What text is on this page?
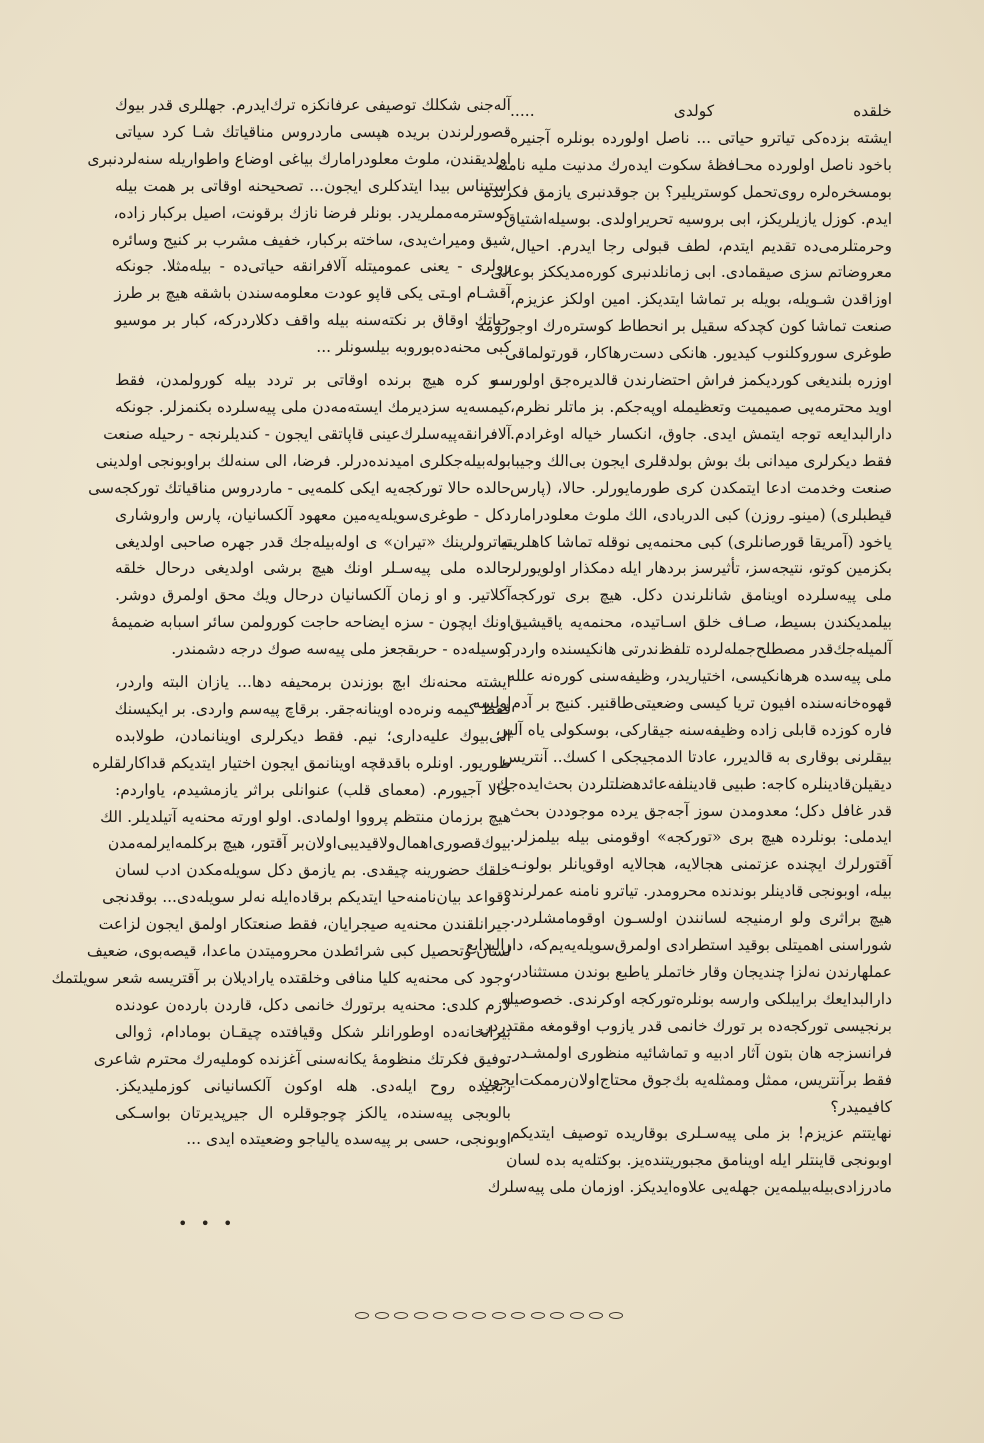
آله‌جنی شکلك توصیفی عرفانکزه ترك‌ایدرم. جهللری قدر بیوك
قصورلرندن بریده هپسی ماردروس مناقیاتك شـا کرد سیاتی
اولدیقندن، ملوث معلودرامارك بیاغی اوضاع واطواریله سنه‌لردنبری
استیناس بیدا ایتدکلری ایجون... تصحیحنه اوقاتی بر همت بیله
کوسترمه‌مملریدر. بونلر فرضا نازك برقونت، اصیل برکبار زاده،
شیق ومیراث‌یدی، ساخته برکبار، خفیف مشرب بر کنیج وسائره
رولری - یعنی عموميتله آلافرانقه حیاتی‌ده - بیله‌مثلا. جونکه
آقشـام اوـتی یکی قاپو عودت معلومه‌سندن باشقه هیچ بر طرز
حیاتك اوقاق بر نکته‌سنه بیله واقف دکلاردرکه، کبار بر موسیو
کبی محنه‌ده‌بوروبه بیلسونلر ...
ـــو کره هیچ برنده اوقاتی بر تردد بیله کورولمدن، فقط
کیمسه‌یه سزدیرمك ایسته‌مه‌دن ملی پیه‌سلرده بکنمزلر. جونکه
آلافرانقه‌پیه‌سلرك‌عینی قاپاتقی ایجون - کنديلرنجه - رحیله صنعت
بوله‌بیله‌جکلری امیدنده‌درلر. فرضا، الی سنه‌لك براوبونجی اولدینی
حالده حالا تورکجه‌یه ایکی کلمه‌یی - ماردروس مناقیاتك تورکجه‌سی
دکل - طوغری‌سویله‌یه‌مین معهود آلکسانیان، پارس واروشاری
تیاترولرینك «تیران» ی اوله‌بیله‌جك قدر جهره صاحبی اولدیغی
حالده ملی پیه‌سـلر اونك هیچ برشی اولدیغی درحال خلقه
آکلاتیر. و او زمان آلکسانیان درحال ویك محق اولمرق دوشر.
اونك ایچون - سزه ایضاحه حاجت کورولمن سائر اسبابه ضمیمهٔ
بوسیله‌ده - حربقجعز ملی پیه‌سه صوك درجه دشمندر.
ایشته محنه‌نك ابچ بوزندن برمحیفه دها... یازان البته واردر،
فقط کیمه ونره‌ده اوینانه‌جقر. برقاچ پیه‌سم واردی. بر ایکیسنك
الی‌بیوك علیه‌داری؛ نیم. فقط دیکرلری اوینانمادن، طولابده
طوریور. اونلره باقدقچه اوینانمق ایجون اختیار ایتدیکم قداکارلقلره
حالا آجیورم. (معمای قلب) عنوانلی براثر یازمشیدم، یاوارد‌م:
هیچ برزمان منتظم پرووا اولمادی. اولو اورته محنه‌یه آتیلدیلر. الك
بیوك‌قصوری‌اهمال‌ولاقیدیبی‌اولان‌بر آقتور، هیچ برکلمه‌ایرلمه‌مدن
خلقك حضورینه چیقدی. بم یازمق دکل سویله‌مکدن ادب لسان
وقواعد بیان‌نامنه‌حیا ایتدیکم برقاده‌ایله نه‌لر سویله‌دی... بوقدنجی
جیرانلقندن محنه‌یه صیجرایان، فقط صنعتکار اولمق ایجون لزاعت
لسان وتحصیل کبی شرائطدن محروميتدن ماعدا، قیصه‌بوی، ضعیف
وجود کی محنه‌یه کلیا منافی وخلقتده یارادیلان بر آقتریسه شعر سویلتمك
لازم کلدی: محنه‌یه برتورك خانمی دکل، قاردن بارده‌ن عودنده
بیرانخانه‌ده اوطورانلر شکل وقیافتده چیقـان بومادام، ژوالی
توفیق فکرتك منظومهٔ یکانه‌سنی آغزنده کوملیه‌رك محترم شاعری
رنجیده روح ایله‌دی. هله اوکون آلکسانیانی کوزملیدیکز.
بالوبجی پیه‌سنده، یالکز چوجوقلره ال جیرپدیرتان بواسـکی
اوبونجی، حسی بر پیه‌سده یالیاجو وضعیتده ایدی ...
خلقده کولدی .....
ایشته بزده‌کی تیاترو حیاتی ... ناصل اولورده بونلره آجنیره
باخود ناصل اولورده محـافظهٔ سکوت ایده‌رك مدنیت ملیه نامنه
بومسخره‌لره روی‌تحمل کوستریلیر؟ بن جوقدنبری یازمق فکرنده
ایدم. کوزل یازیلریکز، ابی بروسیه تحریراولدی. بوسیله‌اشتیاق
وحرمتلرمی‌ده تقدیم ایتدم، لطف قبولی رجا ایدرم. احیال،
معروضاتم سزی صیقمادی. ابی زمانلدنبری کوره‌مدیککز بوعالی
اوزاقدن شـویله، بویله بر تماشا ایتدیکز. امین اولکز عزیزم،
صنعت تماشا کون کچدکه سقیل بر انحطاط کوستره‌رك اوجورومه
طوغری سوروکلنوب کیدیور. هانکی دست‌رها‌کار، قورتولماقی
اوزره بلندیغی کوردیکمز فراش احتضارندن قالدیره‌جق اولورسه
اوید محترمه‌یی صمیمیت وتعظیمله اوپه‌جکم. بز ماتلر نظرم،
دارالبدایعه توجه ایتمش ایدی. جاوق، انکسار خیاله اوغرادم.
فقط دیکرلری میدانی بك بوش بولدقلری ایجون بی‌الك وجیبا،
صنعت وخدمت ادعا ایتمکدن کری طورمایورلر. حالا، (پارس
قیطبلری) (مینوـ روزن) کبی الدربادی، الك ملوث معلودرامار،
یاخود (آمریقا قورصانلری) کبی محنمه‌یی نوقله تماشا کاهلرینه
بکزمین کوتو، نتیجه‌سز، تأثیرسز بردهار ایله دمکذار اولویورلر.
ملی پیه‌سلرده اوینامق شانلرندن دکل. هیچ بری تورکجه
بیلمدیکندن بسیط، صـاف خلق اسـاتیده، محنمه‌یه یاقیشیق
آلمیله‌جك‌قدر مصطلح‌جمله‌لرده تلفظ‌ندرتی هانکیسنده واردر؟
ملی پیه‌سده هرهانکیسی، اختیاریدر، وظیفه‌سنی کوره‌نه علله
قهوه‌خانه‌سنده افیون تریا کیسی وضعیتی‌طاقنیر. کنیج بر آدم‌اولسه
فاره کوزده قابلی زاده وظیفه‌سنه جیقارکی، بوسکولی یاه آلیر،
بیقلرنی بوقاری به قالدیرر، عادتا الدمجیجکی ا کسك.. آنتریس
دیقیلن‌قادینلره کاجه: طبیی قادینلفه‌عائدهضلتلردن بحث‌ایده‌جك
قدر غافل دکل؛ معدومدن سوز آجه‌جق یرده موجوددن بحث
ایدملی: بونلرده هیچ بری «تورکجه» اوقومنی بیله بیلمزلر.
آقتورلرك ایچنده عزتمنی هجالایه، هجالایه اوقویانلر بولونـه
بیله، اوبونجی قادینلر بوندنده محرومدر. تیاترو نامنه عمرلرنده
هیچ براثری ولو ارمنیجه لسانندن اولسـون اوقومامشلردر.
شوراسنی اهمیتلی بوقید استطرادی اولمرق‌سویله‌یه‌یم‌که، دارالبدایع
عملهارندن نه‌لزا چندیجان وقار خاتملر یاطبع بوندن مستثنادر،
دارالبدایعك برایبلکی وارسه بونلره‌تورکجه اوکرندی. خصوصیله
برنجیسی تورکجه‌ده بر تورك خانمی قدر یازوب اوقومغه مقتدردر.
فرانسزجه هان بتون آثار ادبیه و تماشائیه منظوری اولمشـدر.
فقط برآنتریس، ممثل وممثله‌یه بك‌جوق محتاج‌اولان‌ر‌ممکت‌ایجون
کافیمیدر؟
نهایتتم عزیزم! بز ملی پیه‌سـلری بوقاریده توصیف ایتدیکم
اوبونجی قاینتلر ایله اوینامق مجبوریتنده‌یز. بوکتله‌یه بده لسان
مادرزادی‌بیله‌بیلمه‌ین جهله‌یی علاوه‌ایدیکز. اوزمان ملی پیه‌سلرك
• • •
